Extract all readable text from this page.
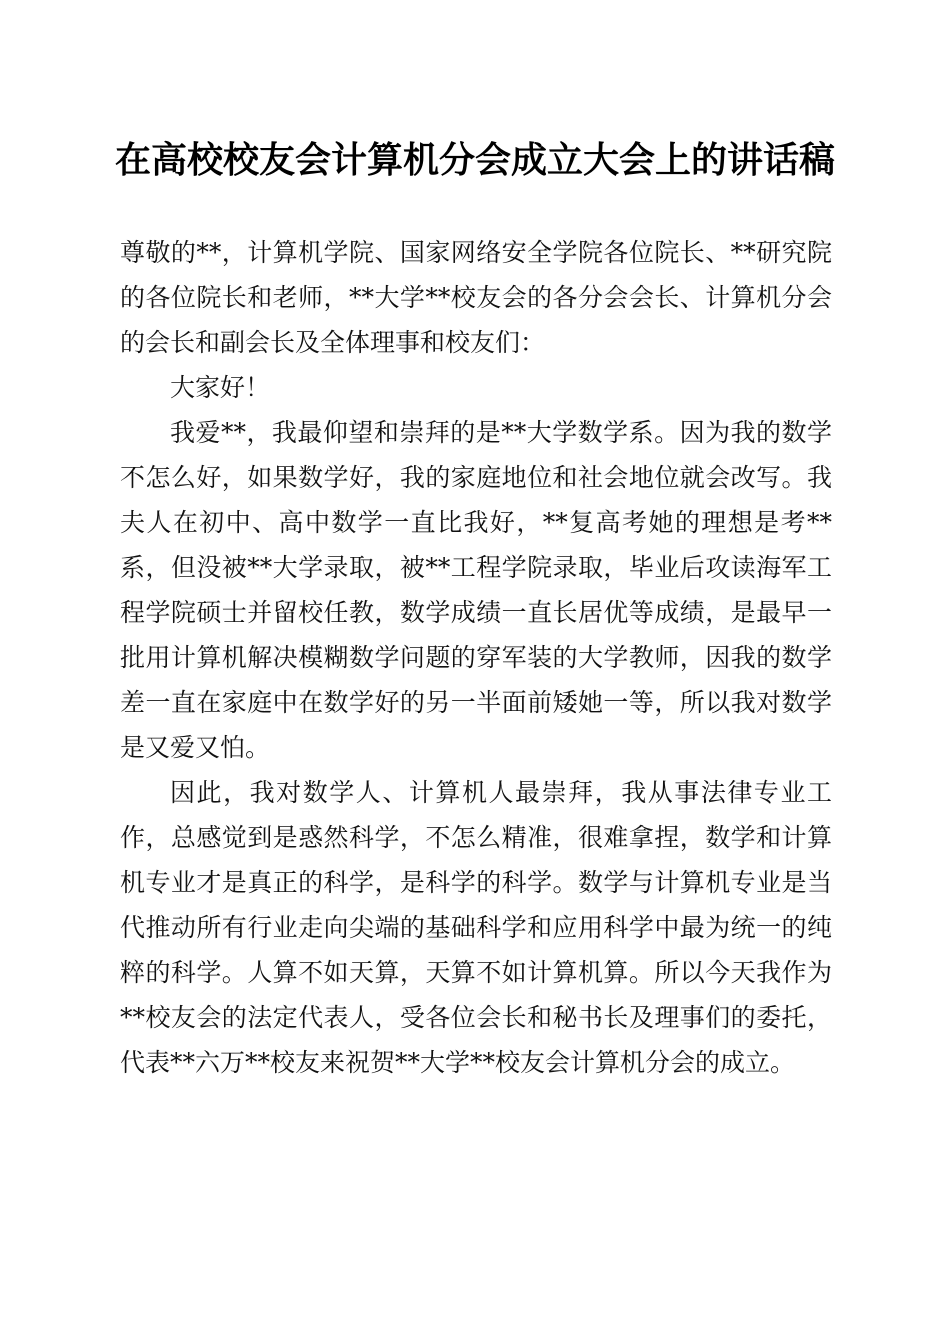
在高校校友会计算机分会成立大会上的讲话稿

尊敬的**，计算机学院、国家网络安全学院各位院长、**研究院的各位院长和老师，**大学**校友会的各分会会长、计算机分会的会长和副会长及全体理事和校友们：

大家好！

我爱**，我最仰望和崇拜的是**大学数学系。因为我的数学不怎么好，如果数学好，我的家庭地位和社会地位就会改写。我夫人在初中、高中数学一直比我好，**复高考她的理想是考**系，但没被**大学录取，被**工程学院录取，毕业后攻读海军工程学院硕士并留校任教，数学成绩一直长居优等成绩，是最早一批用计算机解决模糊数学问题的穿军装的大学教师，因我的数学差一直在家庭中在数学好的另一半面前矮她一等，所以我对数学是又爱又怕。

因此，我对数学人、计算机人最崇拜，我从事法律专业工作，总感觉到是惑然科学，不怎么精准，很难拿捏，数学和计算机专业才是真正的科学，是科学的科学。数学与计算机专业是当代推动所有行业走向尖端的基础科学和应用科学中最为统一的纯粹的科学。人算不如天算，天算不如计算机算。所以今天我作为**校友会的法定代表人，受各位会长和秘书长及理事们的委托，代表**六万**校友来祝贺**大学**校友会计算机分会的成立。
